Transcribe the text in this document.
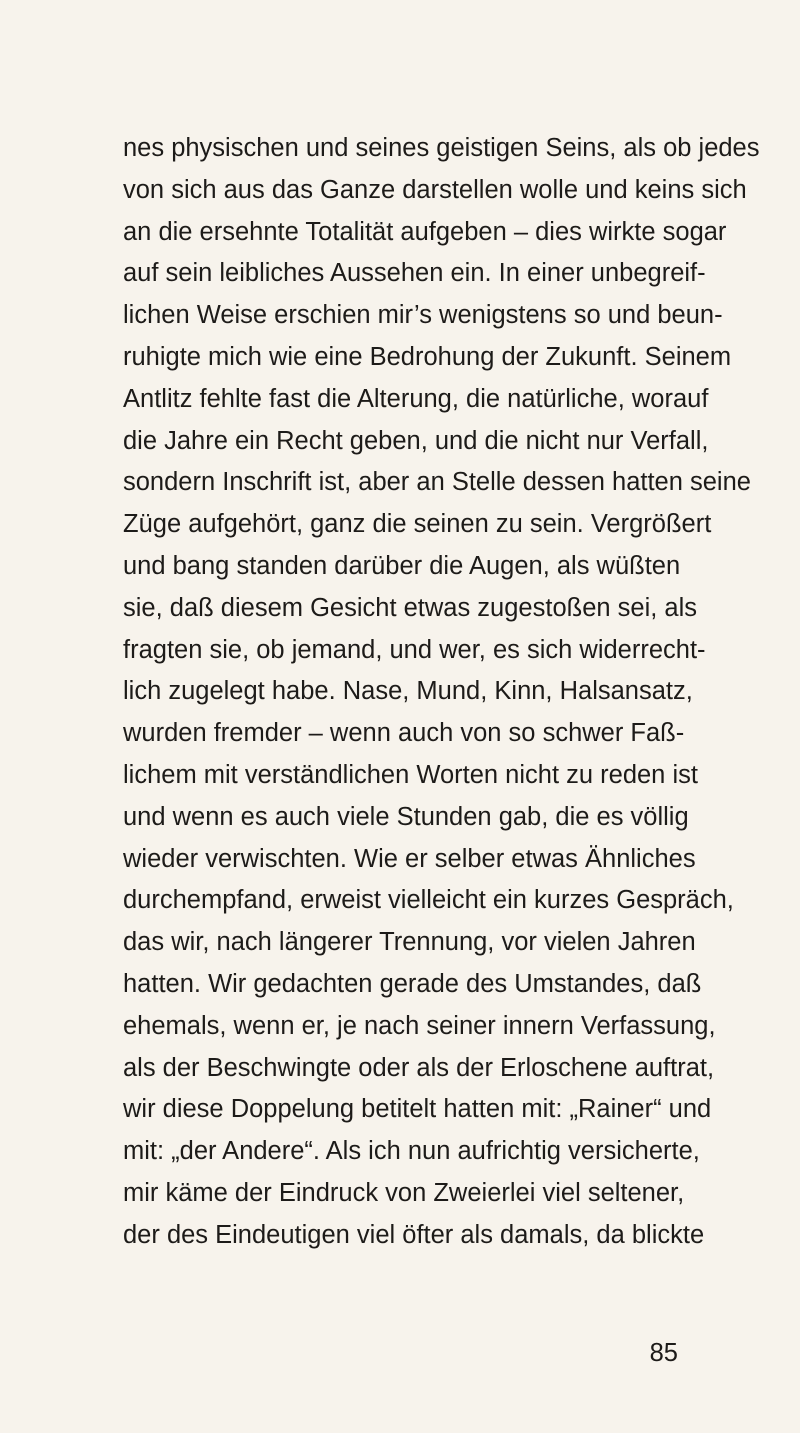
nes physischen und seines geistigen Seins, als ob jedes
von sich aus das Ganze darstellen wolle und keins sich
an die ersehnte Totalität aufgeben – dies wirkte sogar
auf sein leibliches Aussehen ein. In einer unbegreif-
lichen Weise erschien mir’s wenigstens so und beun-
ruhigte mich wie eine Bedrohung der Zukunft. Seinem
Antlitz fehlte fast die Alterung, die natürliche, worauf
die Jahre ein Recht geben, und die nicht nur Verfall,
sondern Inschrift ist, aber an Stelle dessen hatten seine
Züge aufgehört, ganz die seinen zu sein. Vergrößert
und bang standen darüber die Augen, als wüßten
sie, daß diesem Gesicht etwas zugestoßen sei, als
fragten sie, ob jemand, und wer, es sich widerrecht-
lich zugelegt habe. Nase, Mund, Kinn, Halsansatz,
wurden fremder – wenn auch von so schwer Faß-
lichem mit verständlichen Worten nicht zu reden ist
und wenn es auch viele Stunden gab, die es völlig
wieder verwischten. Wie er selber etwas Ähnliches
durchempfand, erweist vielleicht ein kurzes Gespräch,
das wir, nach längerer Trennung, vor vielen Jahren
hatten. Wir gedachten gerade des Umstandes, daß
ehemals, wenn er, je nach seiner innern Verfassung,
als der Beschwingte oder als der Erloschene auftrat,
wir diese Doppelung betitelt hatten mit: „Rainer“ und
mit: „der Andere“. Als ich nun aufrichtig versicherte,
mir käme der Eindruck von Zweierlei viel seltener,
der des Eindeutigen viel öfter als damals, da blickte
85
